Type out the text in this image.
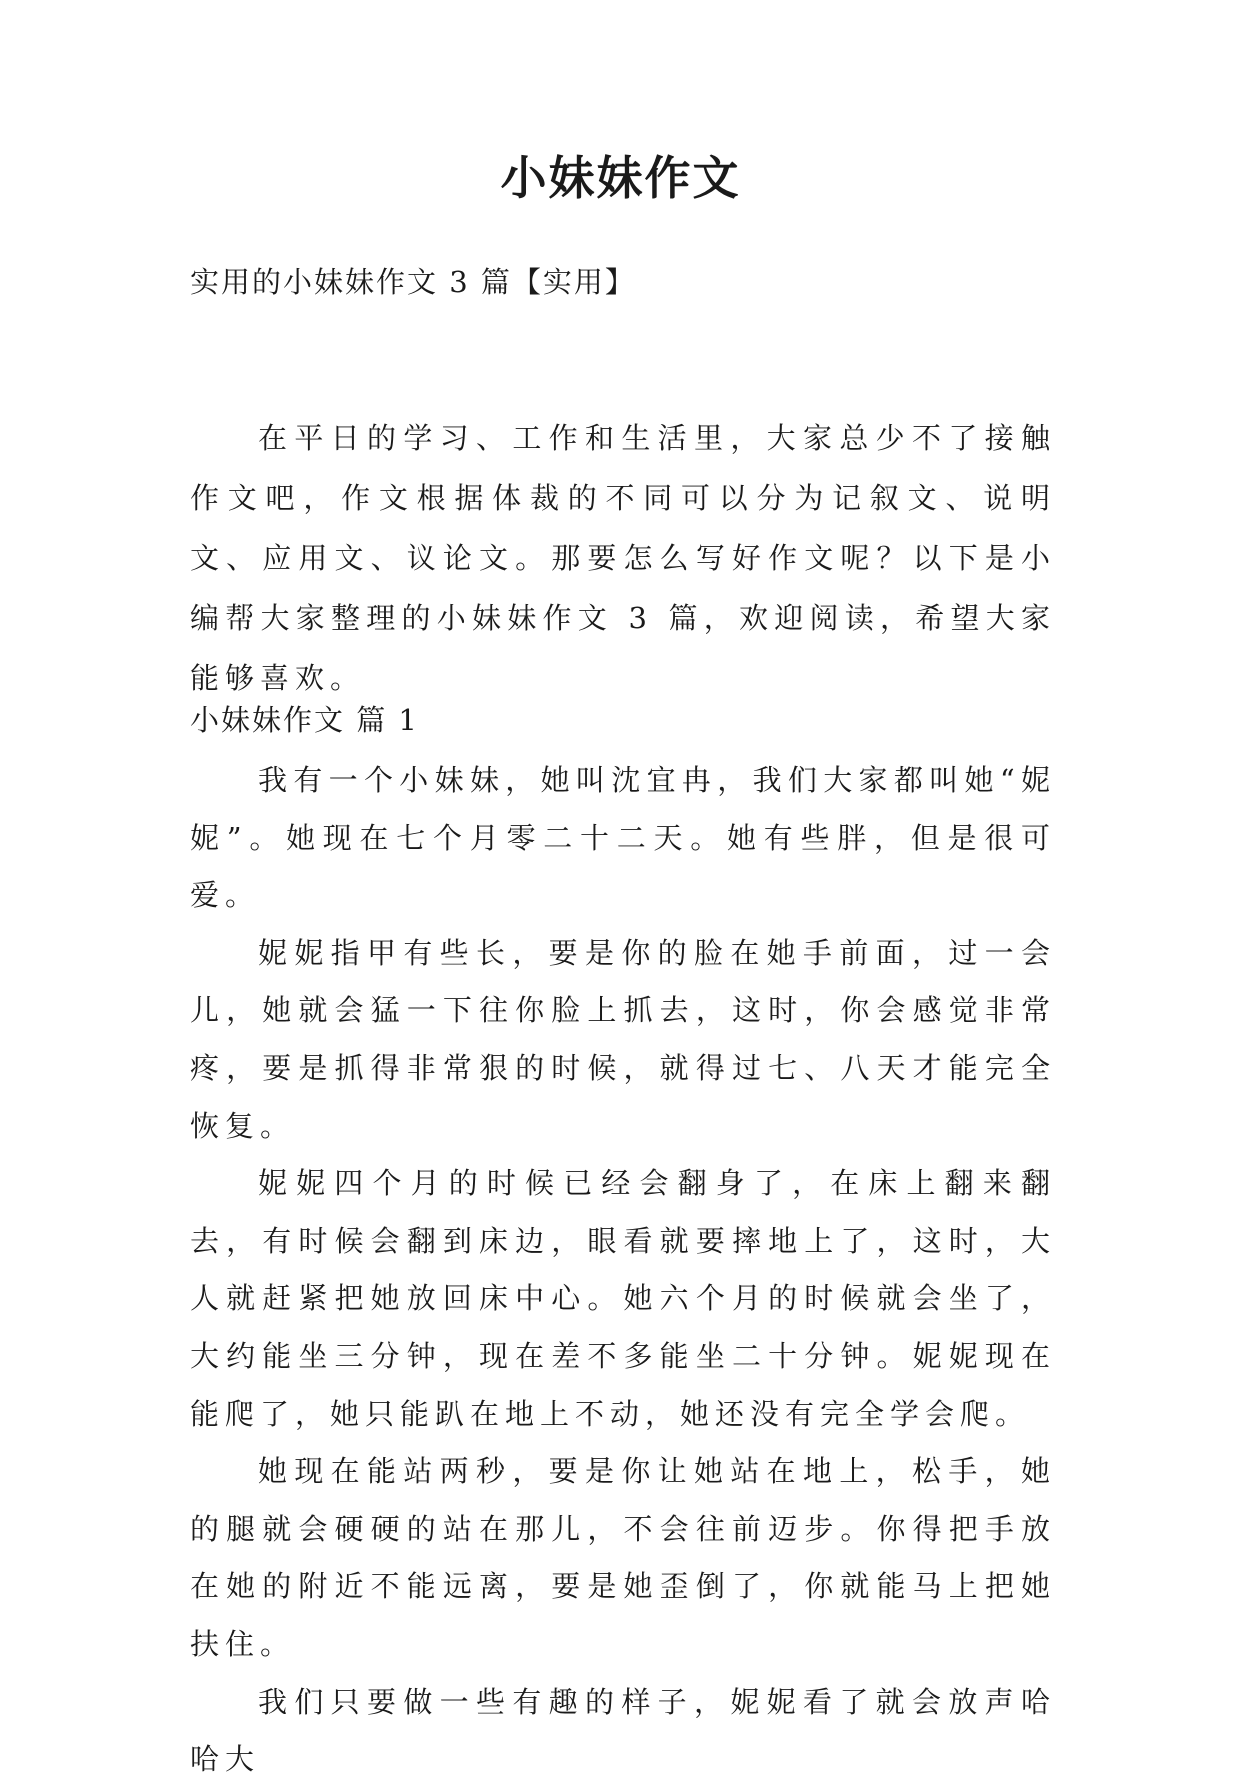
小妹妹作文

实用的小妹妹作文 3 篇【实用】

在平日的学习、工作和生活里，大家总少不了接触作文吧，作文根据体裁的不同可以分为记叙文、说明文、应用文、议论文。那要怎么写好作文呢？以下是小编帮大家整理的小妹妹作文 3 篇，欢迎阅读，希望大家能够喜欢。

小妹妹作文 篇 1

我有一个小妹妹，她叫沈宜冉，我们大家都叫她“妮妮”。她现在七个月零二十二天。她有些胖，但是很可爱。

妮妮指甲有些长，要是你的脸在她手前面，过一会儿，她就会猛一下往你脸上抓去，这时，你会感觉非常疼，要是抓得非常狠的时候，就得过七、八天才能完全恢复。

妮妮四个月的时候已经会翻身了，在床上翻来翻去，有时候会翻到床边，眼看就要摔地上了，这时，大人就赶紧把她放回床中心。她六个月的时候就会坐了，大约能坐三分钟，现在差不多能坐二十分钟。妮妮现在能爬了，她只能趴在地上不动，她还没有完全学会爬。

她现在能站两秒，要是你让她站在地上，松手，她的腿就会硬硬的站在那儿，不会往前迈步。你得把手放在她的附近不能远离，要是她歪倒了，你就能马上把她扶住。

我们只要做一些有趣的样子，妮妮看了就会放声哈哈大
